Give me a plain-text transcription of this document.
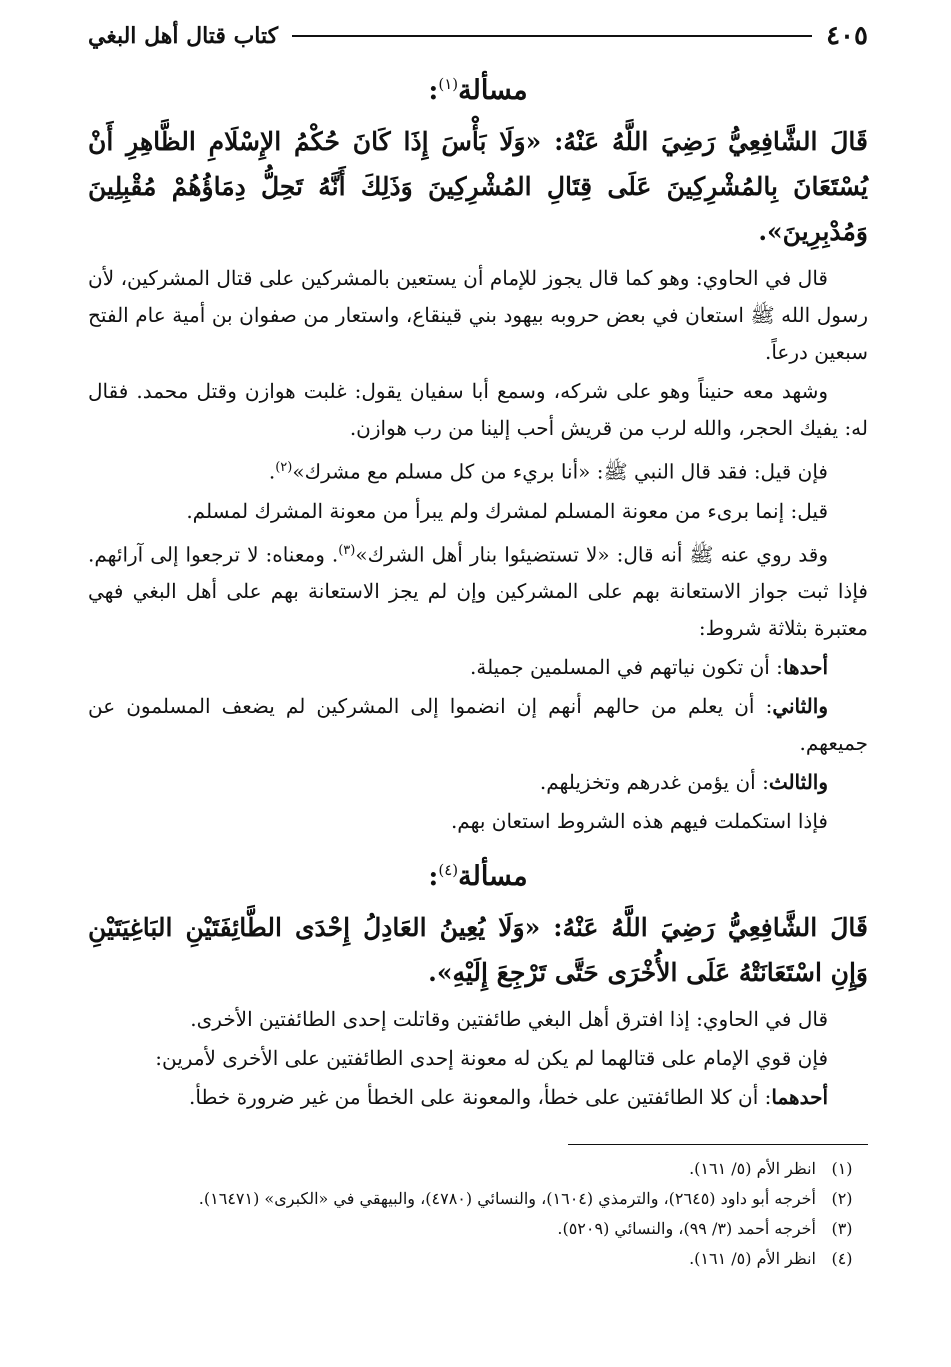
٤٠٥
كتاب قتال أهل البغي
مسألة$^{(١)}$:
قَالَ الشَّافِعِيُّ رَضِيَ اللَّهُ عَنْهُ: «وَلَا بَأْسَ إِذَا كَانَ حُكْمُ الإِسْلَامِ الظَّاهِرِ أَنْ يُسْتَعَانَ بِالمُشْرِكِينَ عَلَى قِتَالِ المُشْرِكِينَ وَذَلِكَ أَنَّهُ تَحِلُّ دِمَاؤُهُمْ مُقْبِلِينَ وَمُدْبِرِينَ».

قال في الحاوي: وهو كما قال يجوز للإمام أن يستعين بالمشركين على قتال المشركين، لأن رسول الله ﷺ استعان في بعض حروبه بيهود بني قينقاع، واستعار من صفوان بن أمية عام الفتح سبعين درعاً.

وشهد معه حنيناً وهو على شركه، وسمع أبا سفيان يقول: غلبت هوازن وقتل محمد. فقال له: يفيك الحجر، والله لرب من قريش أحب إلينا من رب هوازن.

فإن قيل: فقد قال النبي ﷺ: «أنا بريء من كل مسلم مع مشرك»$^{(٢)}$.

قيل: إنما برىء من معونة المسلم لمشرك ولم يبرأ من معونة المشرك لمسلم.

وقد روي عنه ﷺ أنه قال: «لا تستضيئوا بنار أهل الشرك»$^{(٣)}$. ومعناه: لا ترجعوا إلى آرائهم. فإذا ثبت جواز الاستعانة بهم على المشركين وإن لم يجز الاستعانة بهم على أهل البغي فهي معتبرة بثلاثة شروط:

أحدها: أن تكون نياتهم في المسلمين جميلة.

والثاني: أن يعلم من حالهم أنهم إن انضموا إلى المشركين لم يضعف المسلمون عن جميعهم.

والثالث: أن يؤمن غدرهم وتخزيلهم.

فإذا استكملت فيهم هذه الشروط استعان بهم.

مسألة$^{(٤)}$:
قَالَ الشَّافِعِيُّ رَضِيَ اللَّهُ عَنْهُ: «وَلَا يُعِينُ العَادِلُ إِحْدَى الطَّائِفَتَيْنِ البَاغِيَتَيْنِ وَإِنِ اسْتَعَانَتْهُ عَلَى الأُخْرَى حَتَّى تَرْجِعَ إِلَيْهِ».

قال في الحاوي: إذا افترق أهل البغي طائفتين وقاتلت إحدى الطائفتين الأخرى.

فإن قوي الإمام على قتالهما لم يكن له معونة إحدى الطائفتين على الأخرى لأمرين:

أحدهما: أن كلا الطائفتين على خطأ، والمعونة على الخطأ من غير ضرورة خطأ.

(١)
انظر الأم (٥/ ١٦١).
(٢)
أخرجه أبو داود (٢٦٤٥)، والترمذي (١٦٠٤)، والنسائي (٤٧٨٠)، والبيهقي في «الكبرى» (١٦٤٧١).
(٣)
أخرجه أحمد (٣/ ٩٩)، والنسائي (٥٢٠٩).
(٤)
انظر الأم (٥/ ١٦١).
